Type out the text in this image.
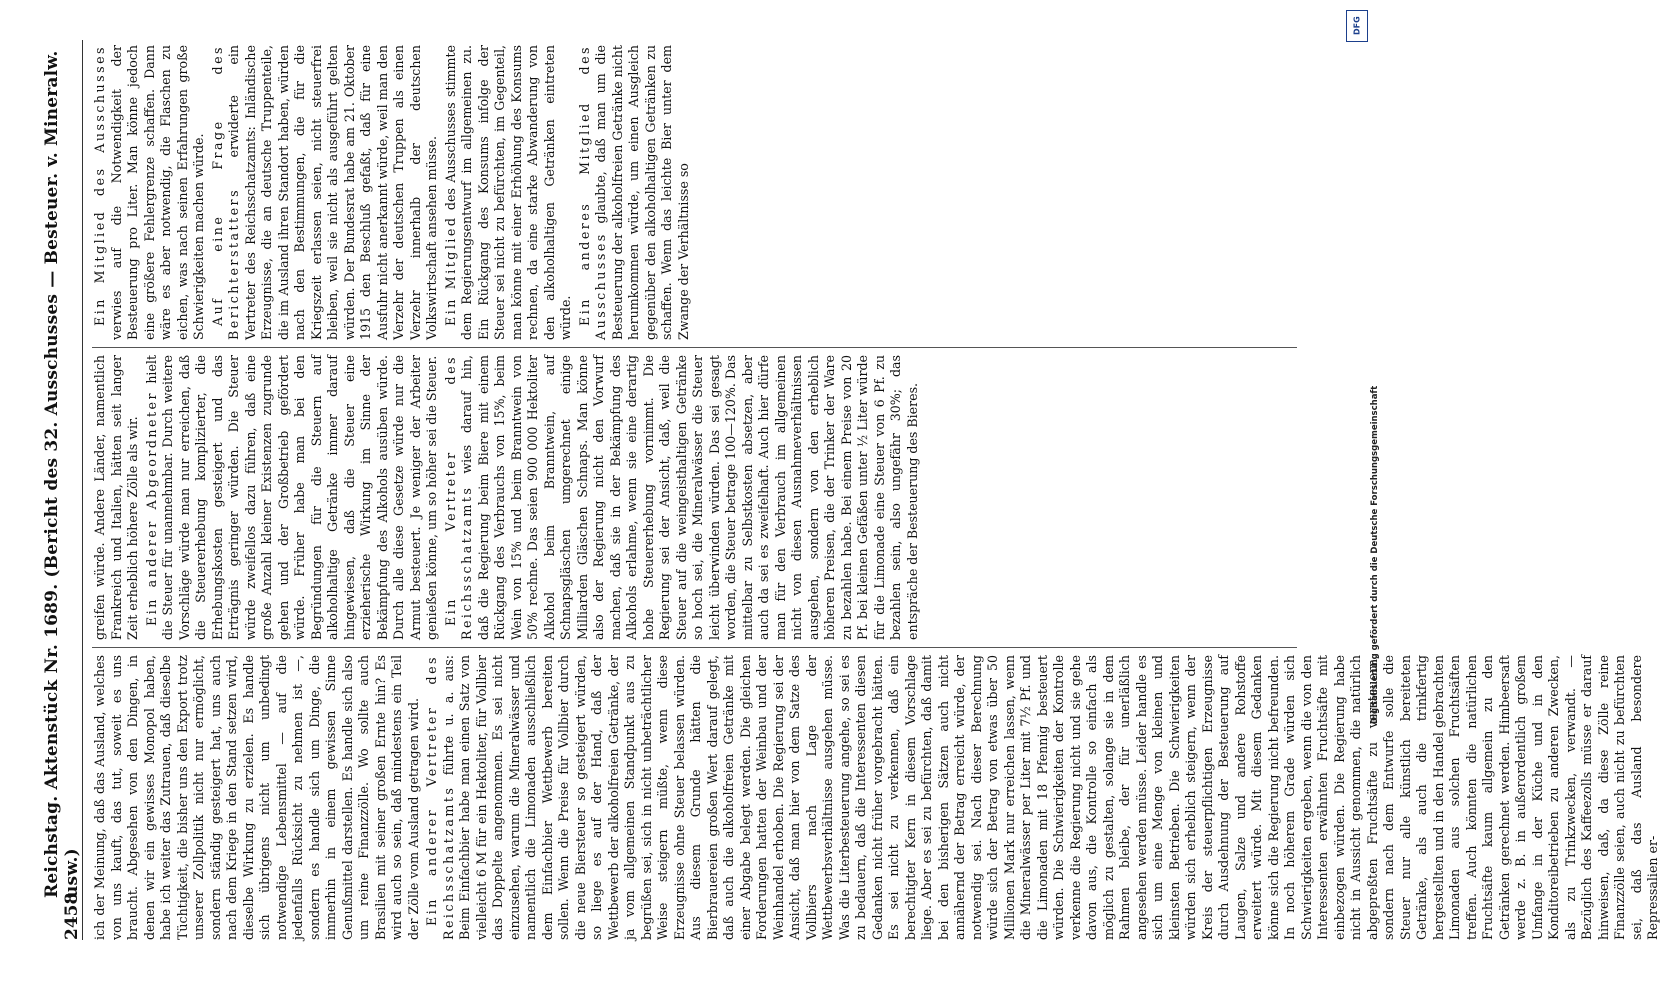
2458
Reichstag. Aktenstück Nr. 1689. (Bericht des 32. Ausschusses — Besteuer. v. Mineralw. usw.) ich der Meinung, daß das Ausland, welches von uns kauft, das tut, soweit es uns braucht. Abgesehen von den Dingen, in denen wir ein gewisses Monopol haben, habe ich weiter das Zutrauen, daß dieselbe Tüchtigkeit, die bisher uns den Export trotz unserer Zollpolitik nicht nur ermöglicht, sondern ständig gesteigert hat, uns auch nach dem Kriege in den Stand setzen wird, dieselbe Wirkung zu erzielen. Es handle sich übrigens nicht um unbedingt notwendige Lebensmittel — auf die jedenfalls Rücksicht zu nehmen ist —, sondern es handle sich um Dinge, die immerhin in einem gewissen Sinne Genußmittel darstellen. Es handle sich also um reine Finanzzölle. Wo sollte auch Brasilien mit seiner großen Ernte hin? Es wird auch so sein, daß mindestens ein Teil der Zölle vom Ausland getragen wird. Ein anderer Vertreter des Reichsschatzamts führte u. a. aus: Beim Einfachbier habe man einen Satz von vielleicht 6 M für ein Hektoliter, für Vollbier das Doppelte angenommen. Es sei nicht einzusehen, warum die Mineralwässer und namentlich die Limonaden ausschließlich dem Einfachbier Wettbewerb bereiten sollen. Wenn die Preise für Vollbier durch die neue Biersteuer so gesteigert würden, so liege es auf der Hand, daß der Wettbewerb der alkoholfreien Getränke, der ja vom allgemeinen Standpunkt aus zu begrüßen sei, sich in nicht unbeträchtlicher Weise steigern müßte, wenn diese Erzeugnisse ohne Steuer belassen würden. Aus diesem Grunde hätten die Bierbrauereien großen Wert darauf gelegt, daß auch die alkoholfreien Getränke mit einer Abgabe belegt werden. Die gleichen Forderungen hatten der Weinbau und der Weinhandel erhoben. Die Regierung sei der Ansicht, daß man hier von dem Satze des Vollbiers nach Lage der Wettbewerbsverhältnisse ausgehen müsse. Was die Literbesteuerung angehe, so sei es zu bedauern, daß die Interessenten diesen Gedanken nicht früher vorgebracht hätten. Es sei nicht zu verkennen, daß ein berechtigter Kern in diesem Vorschlage liege. Aber es sei zu befürchten, daß damit bei den bisherigen Sätzen auch nicht annähernd der Betrag erreicht würde, der notwendig sei. Nach dieser Berechnung würde sich der Betrag von etwas über 50 Millionen Mark nur erreichen lassen, wenn die Mineralwässer per Liter mit 7½ Pf. und die Limonaden mit 18 Pfennig besteuert würden. Die Schwierigkeiten der Kontrolle verkenne die Regierung nicht und sie gehe davon aus, die Kontrolle so einfach als möglich zu gestalten, solange sie in dem Rahmen bleibe, der für unerläßlich angesehen werden müsse. Leider handle es sich um eine Menge von kleinen und kleinsten Betrieben. Die Schwierigkeiten würden sich erheblich steigern, wenn der Kreis der steuerpflichtigen Erzeugnisse durch Ausdehnung der Besteuerung auf Laugen, Salze und andere Rohstoffe erweitert würde. Mit diesem Gedanken könne sich die Regierung nicht befreunden. In noch höherem Grade würden sich Schwierigkeiten ergeben, wenn die von den Interessenten erwähnten Fruchtsäfte mit einbezogen würden. Die Regierung habe nicht in Aussicht genommen, die natürlich abgepreßten Fruchtsäfte zu versteuern, sondern nach dem Entwurfe solle die Steuer nur alle künstlich bereiteten Getränke, als auch die trinkfertig hergestellten und in den Handel gebrachten Limonaden aus solchen Fruchtsäften treffen. Auch könnten die natürlichen Fruchtsäfte kaum allgemein zu den Getränken gerechnet werden. Himbeersaft werde z. B. in außerordentlich großem Umfange in der Küche und in den Konditoreibetrieben zu anderen Zwecken, als zu Trinkzwecken, verwandt. — Bezüglich des Kaffeezolls müsse er darauf hinweisen, daß, da diese Zölle reine Finanzzölle seien, auch nicht zu befürchten sei, daß das Ausland besondere Repressalien er-

greifen würde. Andere Länder, namentlich Frankreich und Italien, hätten seit langer Zeit erheblich höhere Zölle als wir. Ein anderer Abgeordneter hielt die Steuer für unannehmbar. Durch weitere Vorschläge würde man nur erreichen, daß die Steuererhebung komplizierter, die Erhebungskosten gesteigert und das Erträgnis geringer würden. Die Steuer würde zweifellos dazu führen, daß eine große Anzahl kleiner Existenzen zugrunde gehen und der Großbetrieb gefördert würde. Früher habe man bei den Begründungen für die Steuern auf alkoholhaltige Getränke immer darauf hingewiesen, daß die Steuer eine erzieherische Wirkung im Sinne der Bekämpfung des Alkohols ausüben würde. Durch alle diese Gesetze würde nur die Armut besteuert. Je weniger der Arbeiter genießen könne, um so höher sei die Steuer. Ein Vertreter des Reichsschatzamts wies darauf hin, daß die Regierung beim Biere mit einem Rückgang des Verbrauchs von 15%, beim Wein von 15% und beim Branntwein von 50% rechne. Das seien 900 000 Hektoliter Alkohol beim Branntwein, auf Schnapsgläschen umgerechnet einige Milliarden Gläschen Schnaps. Man könne also der Regierung nicht den Vorwurf machen, daß sie in der Bekämpfung des Alkohols erlahme, wenn sie eine derartig hohe Steuererhebung vornimmt. Die Regierung sei der Ansicht, daß, weil die Steuer auf die weingeisthaltigen Getränke so hoch sei, die Mineralwässer die Steuer leicht überwinden würden. Das sei gesagt worden, die Steuer betrage 100—120%. Das mittelbar zu Selbstkosten absetzen, aber auch da sei es zweifelhaft. Auch hier dürfe man für den Verbrauch im allgemeinen nicht von diesen Ausnahmeverhältnissen ausgehen, sondern von den erheblich höheren Preisen, die der Trinker der Ware zu bezahlen habe. Bei einem Preise von 20 Pf. bei kleinen Gefäßen unter ½ Liter würde für die Limonade eine Steuer von 6 Pf. zu bezahlen sein, also ungefähr 30%; das entspräche der Besteuerung des Bieres.

Ein Mitglied des Ausschusses verwies auf die Notwendigkeit der Besteuerung pro Liter. Man könne jedoch eine größere Fehlergrenze schaffen. Dann wäre es aber notwendig, die Flaschen zu eichen, was nach seinen Erfahrungen große Schwierigkeiten machen würde. Auf eine Frage des Berichterstatters erwiderte ein Vertreter des Reichsschatzamts: Inländische Erzeugnisse, die an deutsche Truppenteile, die im Ausland ihren Standort haben, würden nach den Bestimmungen, die für die Kriegszeit erlassen seien, nicht steuerfrei bleiben, weil sie nicht als ausgeführt gelten würden. Der Bundesrat habe am 21. Oktober 1915 den Beschluß gefaßt, daß für eine Ausfuhr nicht anerkannt würde, weil man den Verzehr der deutschen Truppen als einen Verzehr innerhalb der deutschen Volkswirtschaft ansehen müsse. Ein Mitglied des Ausschusses stimmte dem Regierungsentwurf im allgemeinen zu. Ein Rückgang des Konsums infolge der Steuer sei nicht zu befürchten, im Gegenteil, man könne mit einer Erhöhung des Konsums rechnen, da eine starke Abwanderung von den alkoholhaltigen Getränken eintreten würde. Ein anderes Mitglied des Ausschusses glaubte, daß man um die Besteuerung der alkoholfreien Getränke nicht herumkommen würde, um einen Ausgleich gegenüber den alkoholhaltigen Getränken zu schaffen. Wenn das leichte Bier unter dem Zwange der Verhältnisse so

DFG
Digitalisierung gefördert durch die Deutsche Forschungsgemeinschaft
